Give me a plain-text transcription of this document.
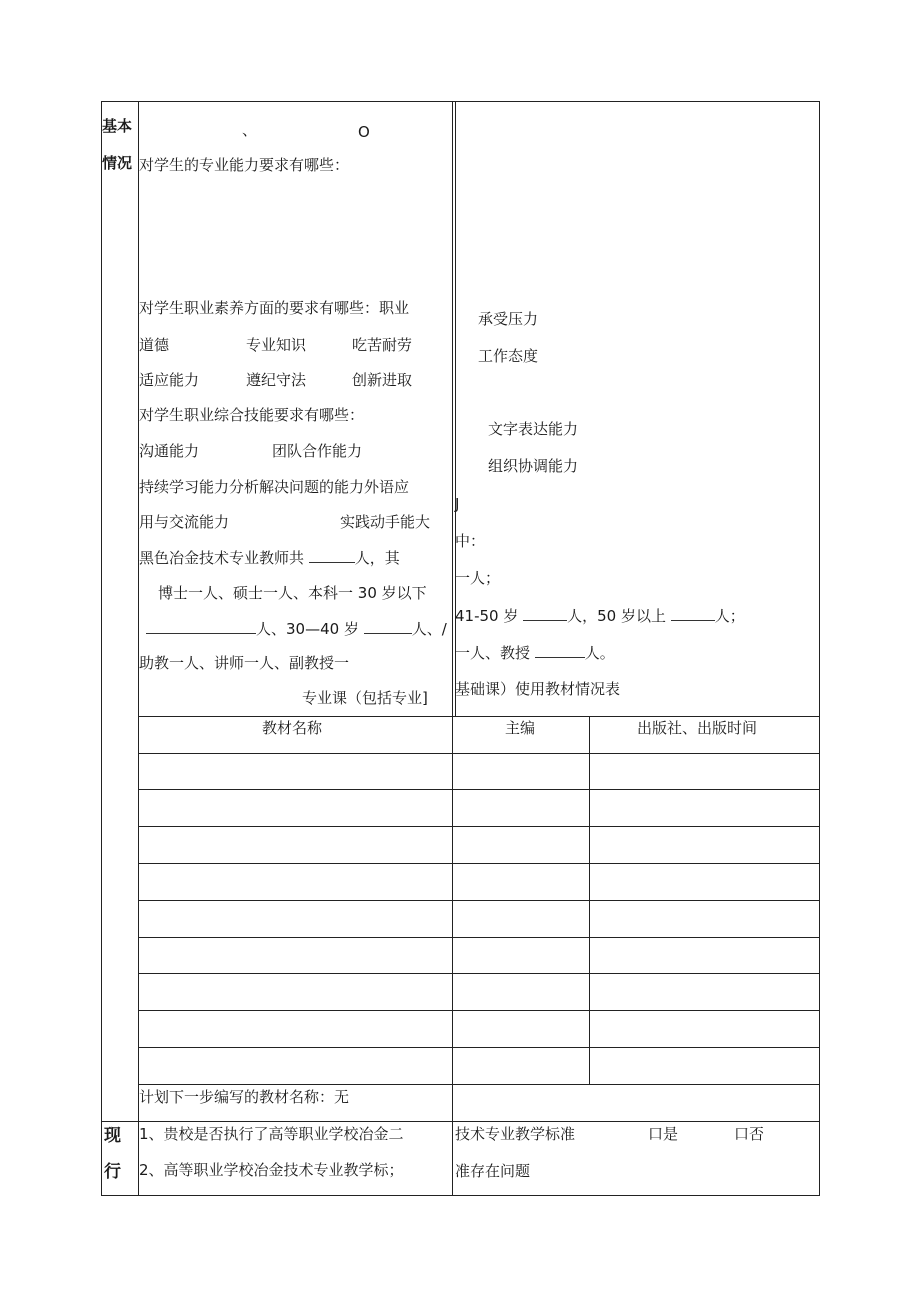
基本
情况
现
行
、	O
对学生的专业能力要求有哪些：
对学生职业素养方面的要求有哪些：职业
道德	专业知识	吃苦耐劳
适应能力	遵纪守法	创新进取
对学生职业综合技能要求有哪些：
沟通能力	团队合作能力
持续学习能力分析解决问题的能力外语应
用与交流能力	实践动手能大
黑色冶金技术专业教师共	人，其
博士一人、硕士一人、本科一 30 岁以下
人、30—40 岁	人、/
助教一人、讲师一人、副教授一
专业课（包括专业]
承受压力
工作态度
文字表达能力
组织协调能力
J
中：
一人；
41-50 岁	人，50 岁以上	人；
一人、教授	人。
基础课）使用教材情况表
教材名称	主编	出版社、出版时间
计划下一步编写的教材名称：无
1、贵校是否执行了高等职业学校冶金二	技术专业教学标准	口是	口否
2、高等职业学校冶金技术专业教学标；	准存在问题
